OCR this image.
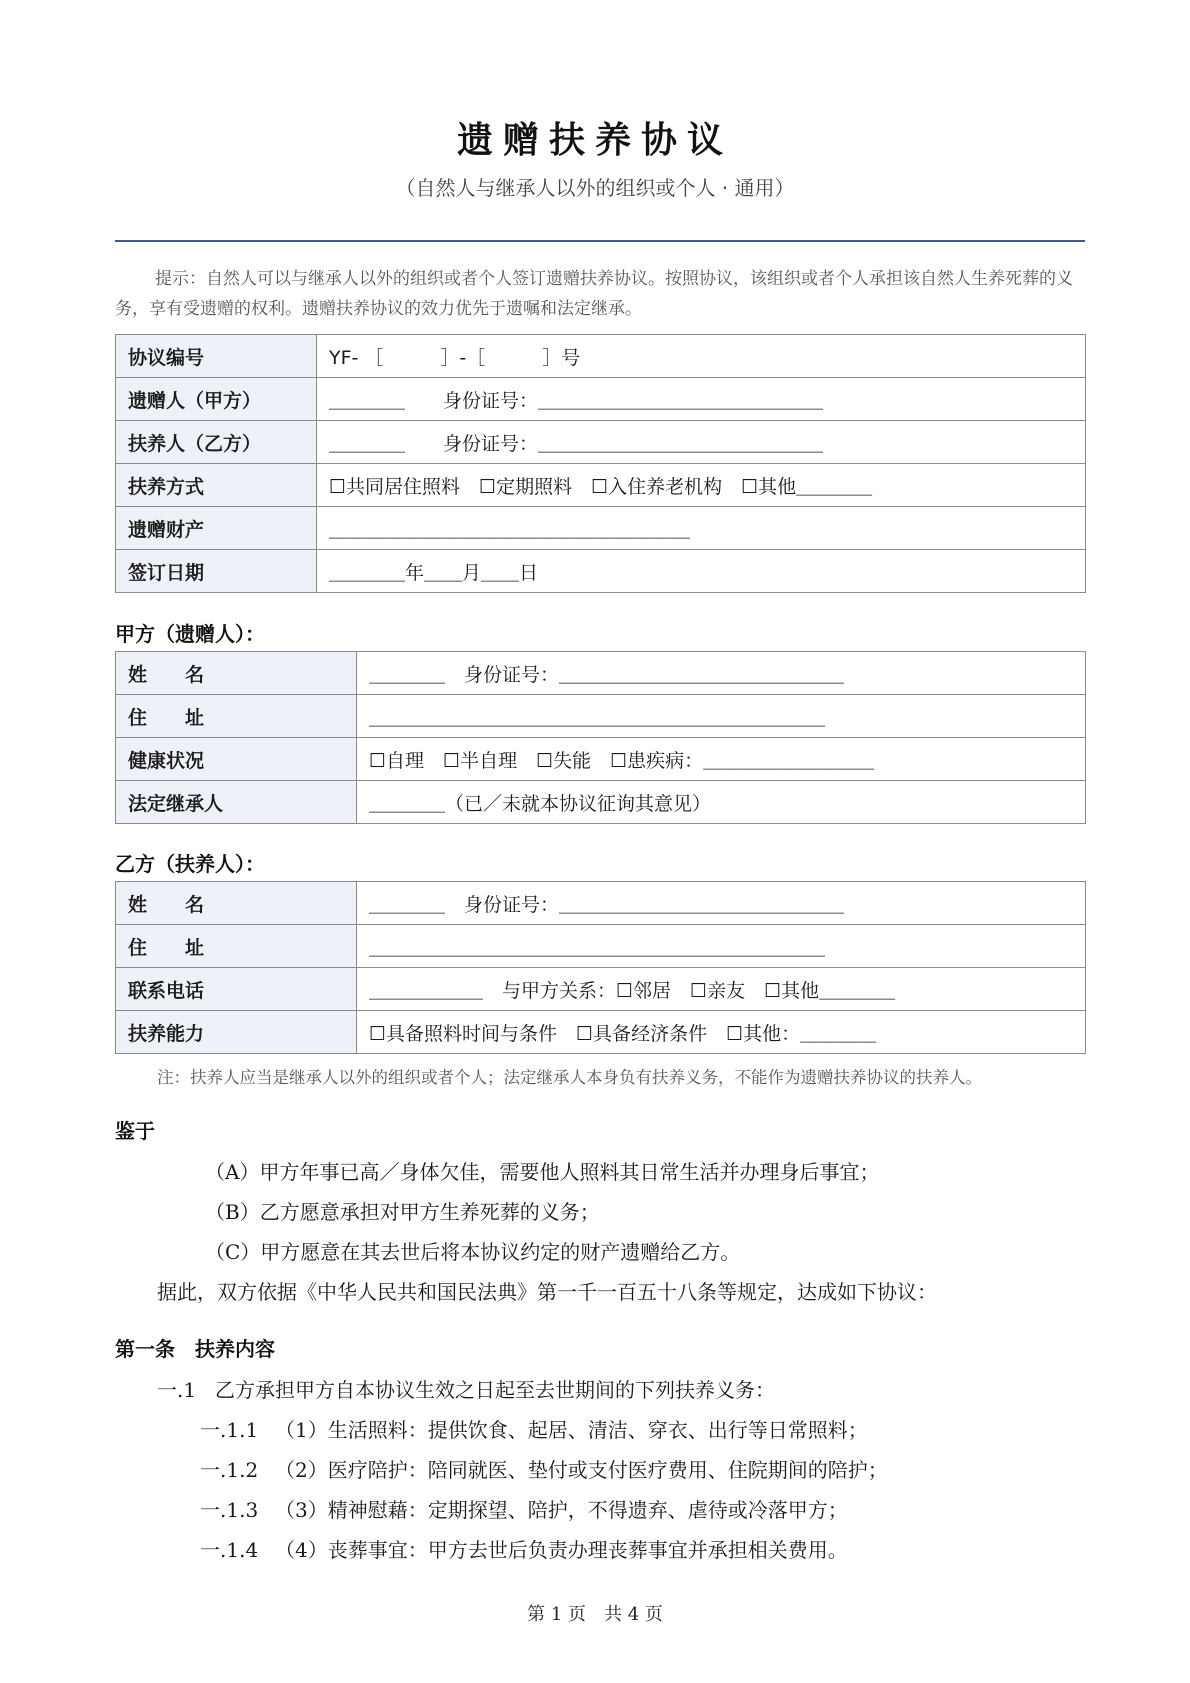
遗赠扶养协议
（自然人与继承人以外的组织或个人 · 通用）
提示：自然人可以与继承人以外的组织或者个人签订遗赠扶养协议。按照协议，该组织或者个人承担该自然人生养死葬的义务，享有受遗赠的权利。遗赠扶养协议的效力优先于遗嘱和法定继承。
协议编号	YF- ［　　　］-［　　　］号
遗赠人（甲方）	＿＿＿＿　　身份证号：＿＿＿＿＿＿＿＿＿＿＿＿＿＿＿
扶养人（乙方）	＿＿＿＿　　身份证号：＿＿＿＿＿＿＿＿＿＿＿＿＿＿＿
扶养方式	☐共同居住照料　☐定期照料　☐入住养老机构　☐其他＿＿＿＿
遗赠财产	＿＿＿＿＿＿＿＿＿＿＿＿＿＿＿＿＿＿＿
签订日期	＿＿＿＿年＿＿月＿＿日
甲方（遗赠人）：
姓　　名	＿＿＿＿　身份证号：＿＿＿＿＿＿＿＿＿＿＿＿＿＿＿
住　　址	＿＿＿＿＿＿＿＿＿＿＿＿＿＿＿＿＿＿＿＿＿＿＿＿
健康状况	☐自理　☐半自理　☐失能　☐患疾病：＿＿＿＿＿＿＿＿＿
法定继承人	＿＿＿＿（已／未就本协议征询其意见）
乙方（扶养人）：
姓　　名	＿＿＿＿　身份证号：＿＿＿＿＿＿＿＿＿＿＿＿＿＿＿
住　　址	＿＿＿＿＿＿＿＿＿＿＿＿＿＿＿＿＿＿＿＿＿＿＿＿
联系电话	＿＿＿＿＿＿　与甲方关系：☐邻居　☐亲友　☐其他＿＿＿＿
扶养能力	☐具备照料时间与条件　☐具备经济条件　☐其他：＿＿＿＿
注：扶养人应当是继承人以外的组织或者个人；法定继承人本身负有扶养义务，不能作为遗赠扶养协议的扶养人。
鉴于
（A）甲方年事已高／身体欠佳，需要他人照料其日常生活并办理身后事宜；
（B）乙方愿意承担对甲方生养死葬的义务；
（C）甲方愿意在其去世后将本协议约定的财产遗赠给乙方。
据此，双方依据《中华人民共和国民法典》第一千一百五十八条等规定，达成如下协议：
第一条　扶养内容
一.1 乙方承担甲方自本协议生效之日起至去世期间的下列扶养义务：
一.1.1 （1）生活照料：提供饮食、起居、清洁、穿衣、出行等日常照料；
一.1.2 （2）医疗陪护：陪同就医、垫付或支付医疗费用、住院期间的陪护；
一.1.3 （3）精神慰藉：定期探望、陪护，不得遗弃、虐待或冷落甲方；
一.1.4 （4）丧葬事宜：甲方去世后负责办理丧葬事宜并承担相关费用。
第 1 页　共 4 页
